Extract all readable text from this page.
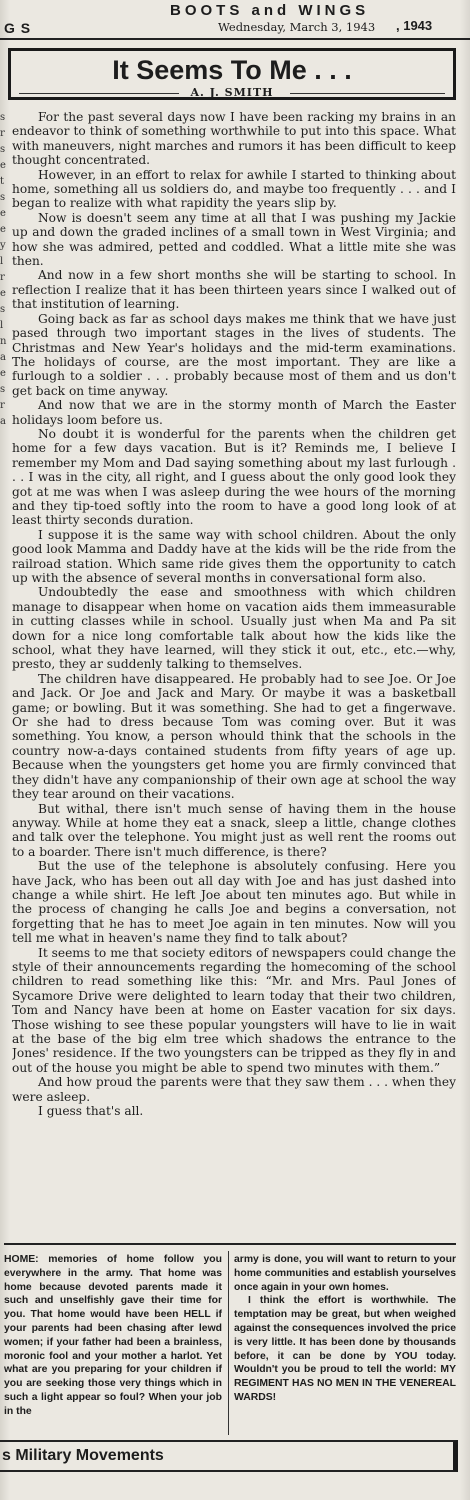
G S
BOOTS and WINGS
Wednesday, March 3, 1943 , 1943
It Seems To Me . . .
A. J. SMITH
s
r
s
e
t
s
e
e
y
l
r
e
s
l
n
a
e
s
r
a

For the past several days now I have been racking my brains in an endeavor to think of something worthwhile to put into this space. What with maneuvers, night marches and rumors it has been difficult to keep thought concentrated.

However, in an effort to relax for awhile I started to thinking about home, something all us soldiers do, and maybe too frequently . . . and I began to realize with what rapidity the years slip by.

Now is doesn't seem any time at all that I was pushing my Jackie up and down the graded inclines of a small town in West Virginia; and how she was admired, petted and coddled. What a little mite she was then.

And now in a few short months she will be starting to school. In reflection I realize that it has been thirteen years since I walked out of that institution of learning.

Going back as far as school days makes me think that we have just pased through two important stages in the lives of students. The Christmas and New Year's holidays and the mid-term examinations. The holidays of course, are the most important. They are like a furlough to a soldier . . . probably because most of them and us don't get back on time anyway.

And now that we are in the stormy month of March the Easter holidays loom before us.

No doubt it is wonderful for the parents when the children get home for a few days vacation. But is it? Reminds me, I believe I remember my Mom and Dad saying something about my last furlough . . . I was in the city, all right, and I guess about the only good look they got at me was when I was asleep during the wee hours of the morning and they tip-toed softly into the room to have a good long look of at least thirty seconds duration.

I suppose it is the same way with school children. About the only good look Mamma and Daddy have at the kids will be the ride from the railroad station. Which same ride gives them the opportunity to catch up with the absence of several months in conversational form also.

Undoubtedly the ease and smoothness with which children manage to disappear when home on vacation aids them immeasurable in cutting classes while in school. Usually just when Ma and Pa sit down for a nice long comfortable talk about how the kids like the school, what they have learned, will they stick it out, etc., etc.—why, presto, they ar suddenly talking to themselves.

The children have disappeared. He probably had to see Joe. Or Joe and Jack. Or Joe and Jack and Mary. Or maybe it was a basketball game; or bowling. But it was something. She had to get a fingerwave. Or she had to dress because Tom was coming over. But it was something. You know, a person whould think that the schools in the country now-a-days contained students from fifty years of age up. Because when the youngsters get home you are firmly convinced that they didn't have any companionship of their own age at school the way they tear around on their vacations.

But withal, there isn't much sense of having them in the house anyway. While at home they eat a snack, sleep a little, change clothes and talk over the telephone. You might just as well rent the rooms out to a boarder. There isn't much difference, is there?

But the use of the telephone is absolutely confusing. Here you have Jack, who has been out all day with Joe and has just dashed into change a while shirt. He left Joe about ten minutes ago. But while in the process of changing he calls Joe and begins a conversation, not forgetting that he has to meet Joe again in ten minutes. Now will you tell me what in heaven's name they find to talk about?

It seems to me that society editors of newspapers could change the style of their announcements regarding the homecoming of the school children to read something like this: “Mr. and Mrs. Paul Jones of Sycamore Drive were delighted to learn today that their two children, Tom and Nancy have been at home on Easter vacation for six days. Those wishing to see these popular youngsters will have to lie in wait at the base of the big elm tree which shadows the entrance to the Jones' residence. If the two youngsters can be tripped as they fly in and out of the house you might be able to spend two minutes with them.”

And how proud the parents were that they saw them . . . when they were asleep.

I guess that's all.

HOME: memories of home follow you everywhere in the army. That home was home because devoted parents made it such and unselfishly gave their time for you. That home would have been HELL if your parents had been chasing after lewd women; if your father had been a brainless, moronic fool and your mother a harlot. Yet what are you preparing for your children if you are seeking those very things which in such a light appear so foul? When your job in the

army is done, you will want to return to your home communities and establish yourselves once again in your own homes.

I think the effort is worthwhile. The temptation may be great, but when weighed against the consequences involved the price is very little. It has been done by thousands before, it can be done by YOU today. Wouldn't you be proud to tell the world: MY REGIMENT HAS NO MEN IN THE VENEREAL WARDS!

s Military Movements
